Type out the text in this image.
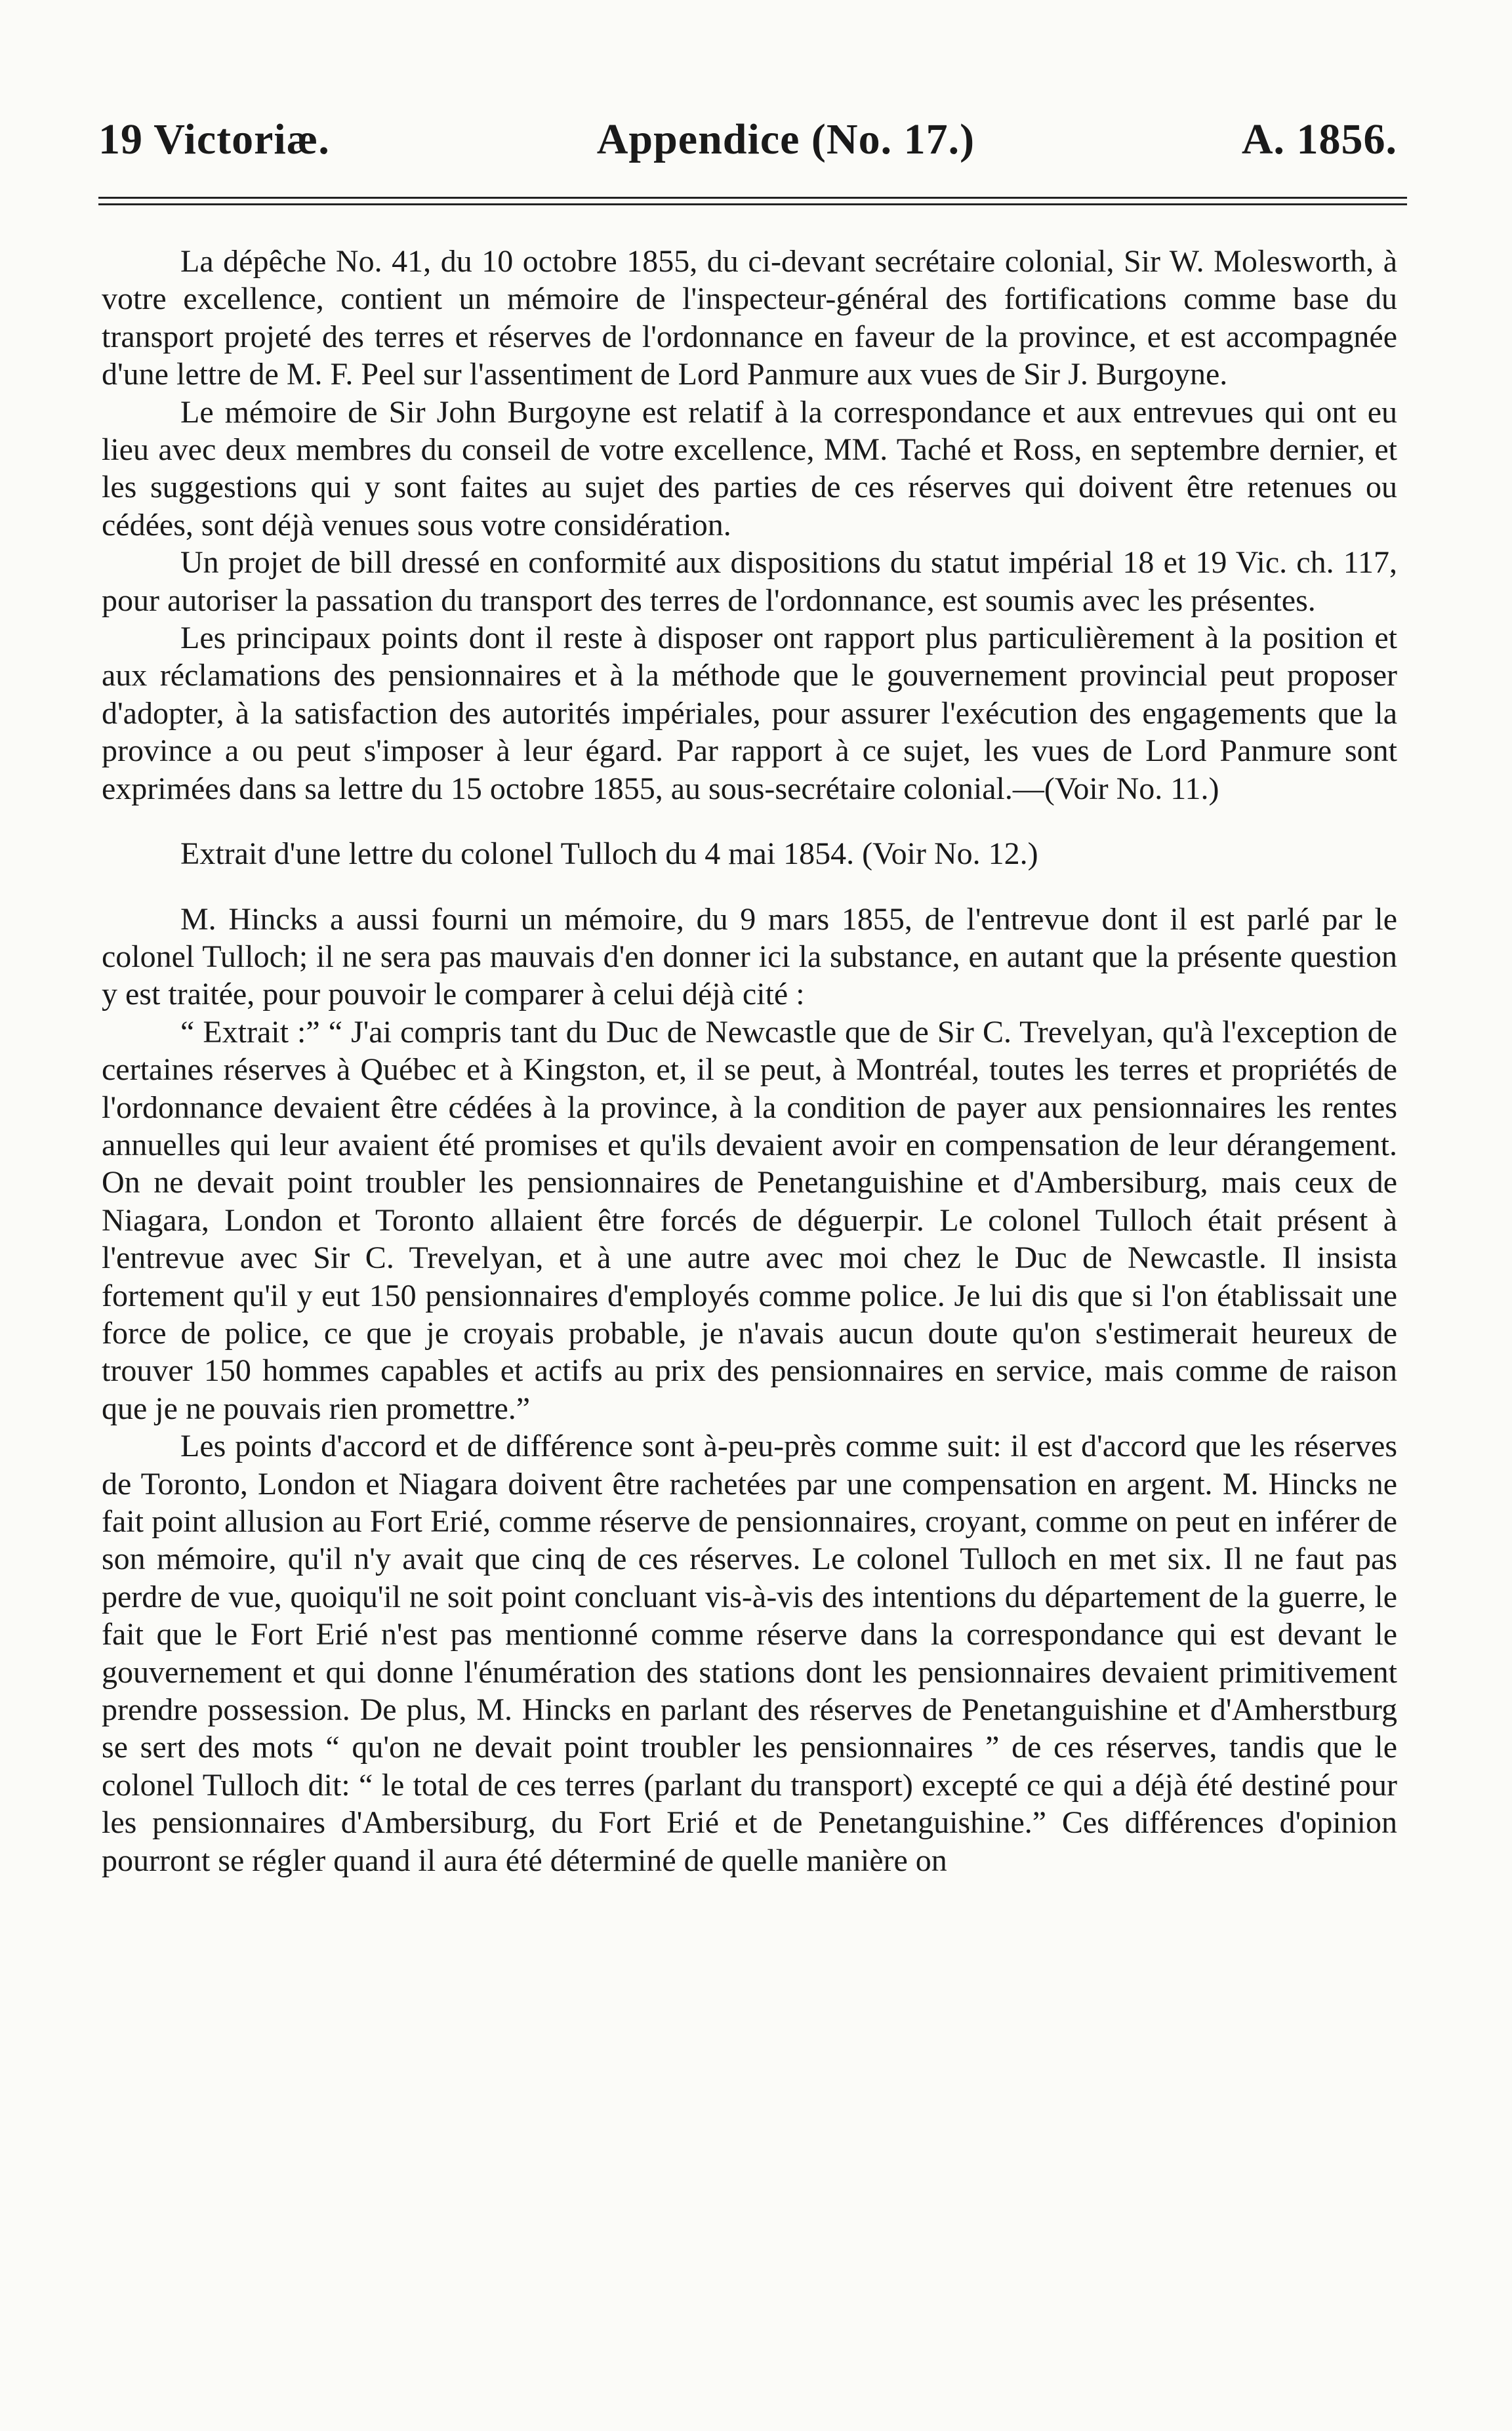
19 Victoriæ.	Appendice (No. 17.)	A. 1856.

La dépêche No. 41, du 10 octobre 1855, du ci-devant secrétaire colonial, Sir W. Molesworth, à votre excellence, contient un mémoire de l'inspecteur-général des fortifications comme base du transport projeté des terres et réserves de l'ordonnance en faveur de la province, et est accompagnée d'une lettre de M. F. Peel sur l'assentiment de Lord Panmure aux vues de Sir J. Burgoyne.

Le mémoire de Sir John Burgoyne est relatif à la correspondance et aux entrevues qui ont eu lieu avec deux membres du conseil de votre excellence, MM. Taché et Ross, en septembre dernier, et les suggestions qui y sont faites au sujet des parties de ces réserves qui doivent être retenues ou cédées, sont déjà venues sous votre considération.

Un projet de bill dressé en conformité aux dispositions du statut impérial 18 et 19 Vic. ch. 117, pour autoriser la passation du transport des terres de l'ordonnance, est soumis avec les présentes.

Les principaux points dont il reste à disposer ont rapport plus particulièrement à la position et aux réclamations des pensionnaires et à la méthode que le gouvernement provincial peut proposer d'adopter, à la satisfaction des autorités impériales, pour assurer l'exécution des engagements que la province a ou peut s'imposer à leur égard. Par rapport à ce sujet, les vues de Lord Panmure sont exprimées dans sa lettre du 15 octobre 1855, au sous-secrétaire colonial.—(Voir No. 11.)

Extrait d'une lettre du colonel Tulloch du 4 mai 1854. (Voir No. 12.)

M. Hincks a aussi fourni un mémoire, du 9 mars 1855, de l'entrevue dont il est parlé par le colonel Tulloch; il ne sera pas mauvais d'en donner ici la substance, en autant que la présente question y est traitée, pour pouvoir le comparer à celui déjà cité :

“ Extrait :” “ J'ai compris tant du Duc de Newcastle que de Sir C. Trevelyan, qu'à l'exception de certaines réserves à Québec et à Kingston, et, il se peut, à Montréal, toutes les terres et propriétés de l'ordonnance devaient être cédées à la province, à la condition de payer aux pensionnaires les rentes annuelles qui leur avaient été promises et qu'ils devaient avoir en compensation de leur dérangement. On ne devait point troubler les pensionnaires de Penetanguishine et d'Ambersiburg, mais ceux de Niagara, London et Toronto allaient être forcés de déguerpir. Le colonel Tulloch était présent à l'entrevue avec Sir C. Trevelyan, et à une autre avec moi chez le Duc de Newcastle. Il insista fortement qu'il y eut 150 pensionnaires d'employés comme police. Je lui dis que si l'on établissait une force de police, ce que je croyais probable, je n'avais aucun doute qu'on s'estimerait heureux de trouver 150 hommes capables et actifs au prix des pensionnaires en service, mais comme de raison que je ne pouvais rien promettre.”

Les points d'accord et de différence sont à-peu-près comme suit: il est d'accord que les réserves de Toronto, London et Niagara doivent être rachetées par une compensation en argent. M. Hincks ne fait point allusion au Fort Erié, comme réserve de pensionnaires, croyant, comme on peut en inférer de son mémoire, qu'il n'y avait que cinq de ces réserves. Le colonel Tulloch en met six. Il ne faut pas perdre de vue, quoiqu'il ne soit point concluant vis-à-vis des intentions du département de la guerre, le fait que le Fort Erié n'est pas mentionné comme réserve dans la correspondance qui est devant le gouvernement et qui donne l'énumération des stations dont les pensionnaires devaient primitivement prendre possession. De plus, M. Hincks en parlant des réserves de Penetanguishine et d'Amherstburg se sert des mots “ qu'on ne devait point troubler les pensionnaires ” de ces réserves, tandis que le colonel Tulloch dit: “ le total de ces terres (parlant du transport) excepté ce qui a déjà été destiné pour les pensionnaires d'Ambersiburg, du Fort Erié et de Penetanguishine.” Ces différences d'opinion pourront se régler quand il aura été déterminé de quelle manière on
